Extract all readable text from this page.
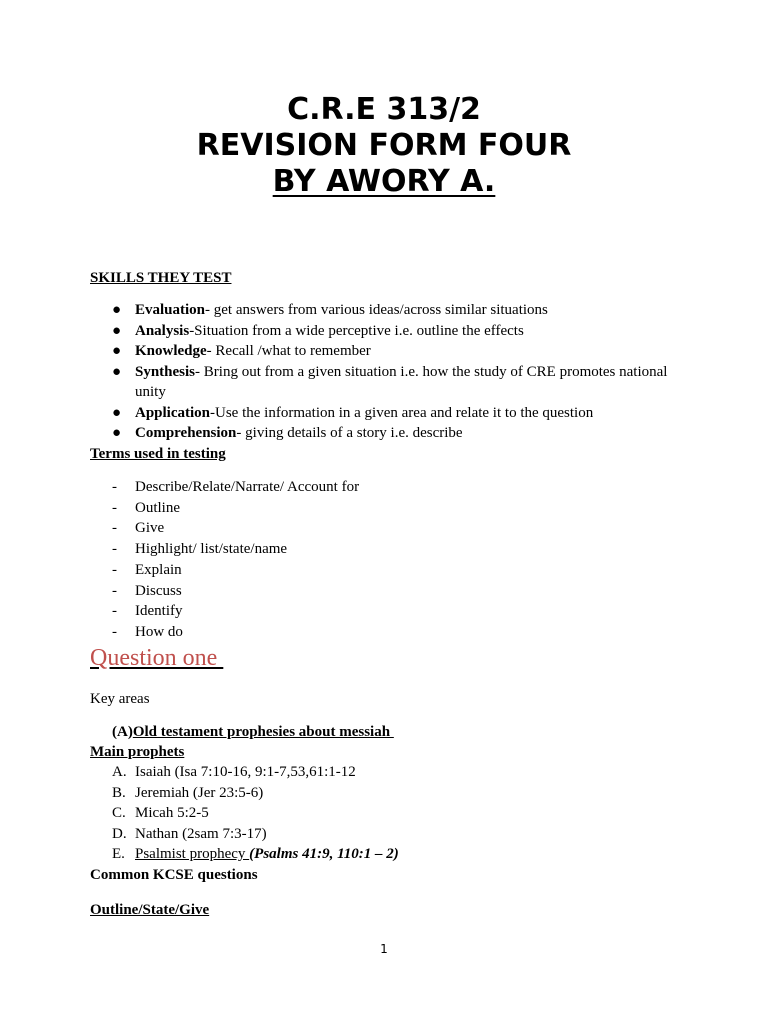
C.R.E 313/2
REVISION FORM FOUR
BY AWORY A.
SKILLS THEY TEST
● Evaluation- get answers from various ideas/across similar situations
● Analysis-Situation from a wide perceptive i.e. outline the effects
● Knowledge- Recall /what to remember
● Synthesis- Bring out from a given situation i.e. how the study of CRE promotes national unity
● Application-Use the information in a given area and relate it to the question
● Comprehension- giving details of a story i.e. describe
Terms used in testing
- Describe/Relate/Narrate/ Account for
- Outline
- Give
- Highlight/ list/state/name
- Explain
- Discuss
- Identify
- How do
Question one
Key areas
(A)Old testament prophesies about messiah
Main prophets
A. Isaiah (Isa 7:10-16, 9:1-7,53,61:1-12
B. Jeremiah (Jer 23:5-6)
C. Micah 5:2-5
D. Nathan (2sam 7:3-17)
E. Psalmist prophecy (Psalms 41:9, 110:1 – 2)
Common KCSE questions
Outline/State/Give
1
